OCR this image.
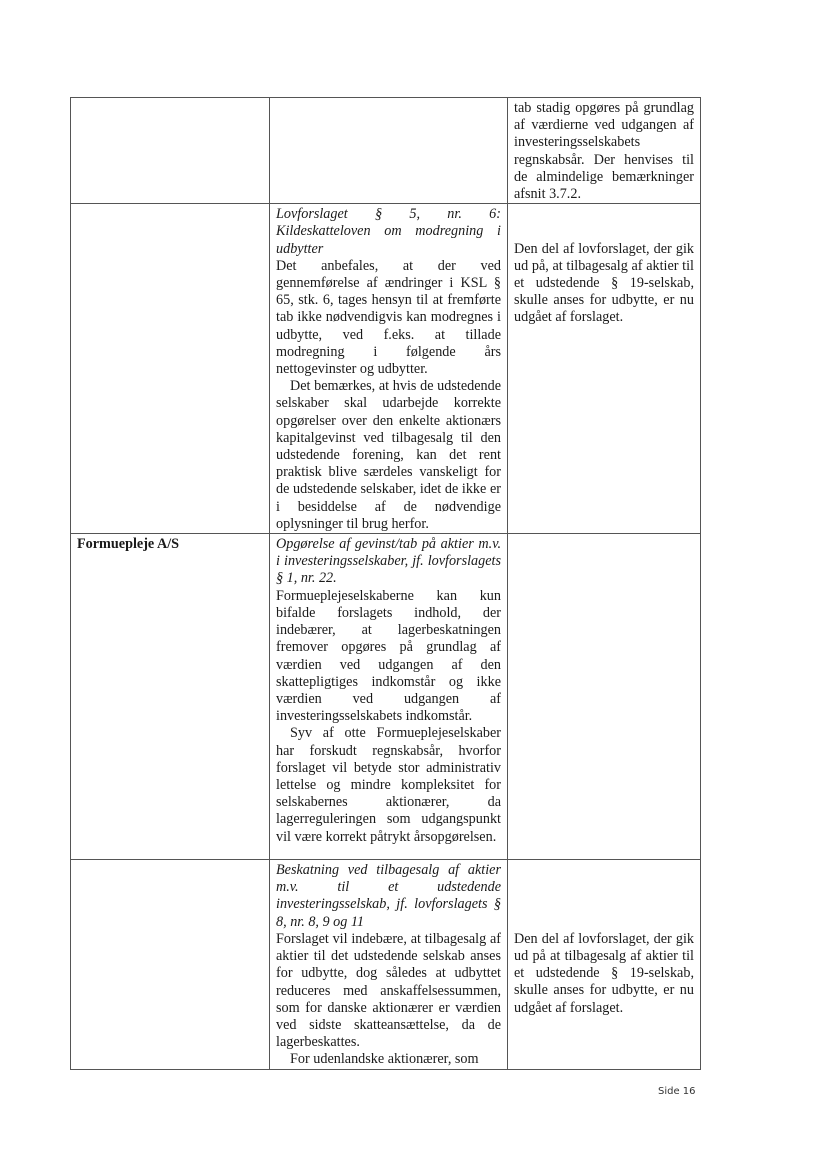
		tab stadig opgøres på grundlag af værdierne ved udgangen af investeringsselskabets regnskabsår. Der henvises til de almindelige bemærkninger afsnit 3.7.2.

	Lovforslaget § 5, nr. 6: Kildeskatteloven om modregning i udbytter

Det anbefales, at der ved gennemførelse af ændringer i KSL § 65, stk. 6, tages hensyn til at fremførte tab ikke nødvendigvis kan modregnes i udbytte, ved f.eks. at tillade modregning i følgende års nettogevinster og udbytter.

Det bemærkes, at hvis de udstedende selskaber skal udarbejde korrekte opgørelser over den enkelte aktionærs kapitalgevinst ved tilbagesalg til den udstedende forening, kan det rent praktisk blive særdeles vanskeligt for de udstedende selskaber, idet de ikke er i besiddelse af de nødvendige oplysninger til brug herfor.	Den del af lovforslaget, der gik ud på, at tilbagesalg af aktier til et udstedende § 19-selskab, skulle anses for udbytte, er nu udgået af forslaget.

Formuepleje A/S	Opgørelse af gevinst/tab på aktier m.v. i investeringsselskaber, jf. lovforslagets § 1, nr. 22.

Formueplejeselskaberne kan kun bifalde forslagets indhold, der indebærer, at lagerbeskatningen fremover opgøres på grundlag af værdien ved udgangen af den skattepligtiges indkomstår og ikke værdien ved udgangen af investeringsselskabets indkomstår.

Syv af otte Formueplejeselskaber har forskudt regnskabsår, hvorfor forslaget vil betyde stor administrativ lettelse og mindre kompleksitet for selskabernes aktionærer, da lagerreguleringen som udgangspunkt vil være korrekt påtrykt årsopgørelsen.	

	Beskatning ved tilbagesalg af aktier m.v. til et udstedende investeringsselskab, jf. lovforslagets § 8, nr. 8, 9 og 11

Forslaget vil indebære, at tilbagesalg af aktier til det udstedende selskab anses for udbytte, dog således at udbyttet reduceres med anskaffelsessummen, som for danske aktionærer er værdien ved sidste skatteansættelse, da de lagerbeskattes.

For udenlandske aktionærer, som	Den del af lovforslaget, der gik ud på at tilbagesalg af aktier til et udstedende § 19-selskab, skulle anses for udbytte, er nu udgået af forslaget.
Side 16
